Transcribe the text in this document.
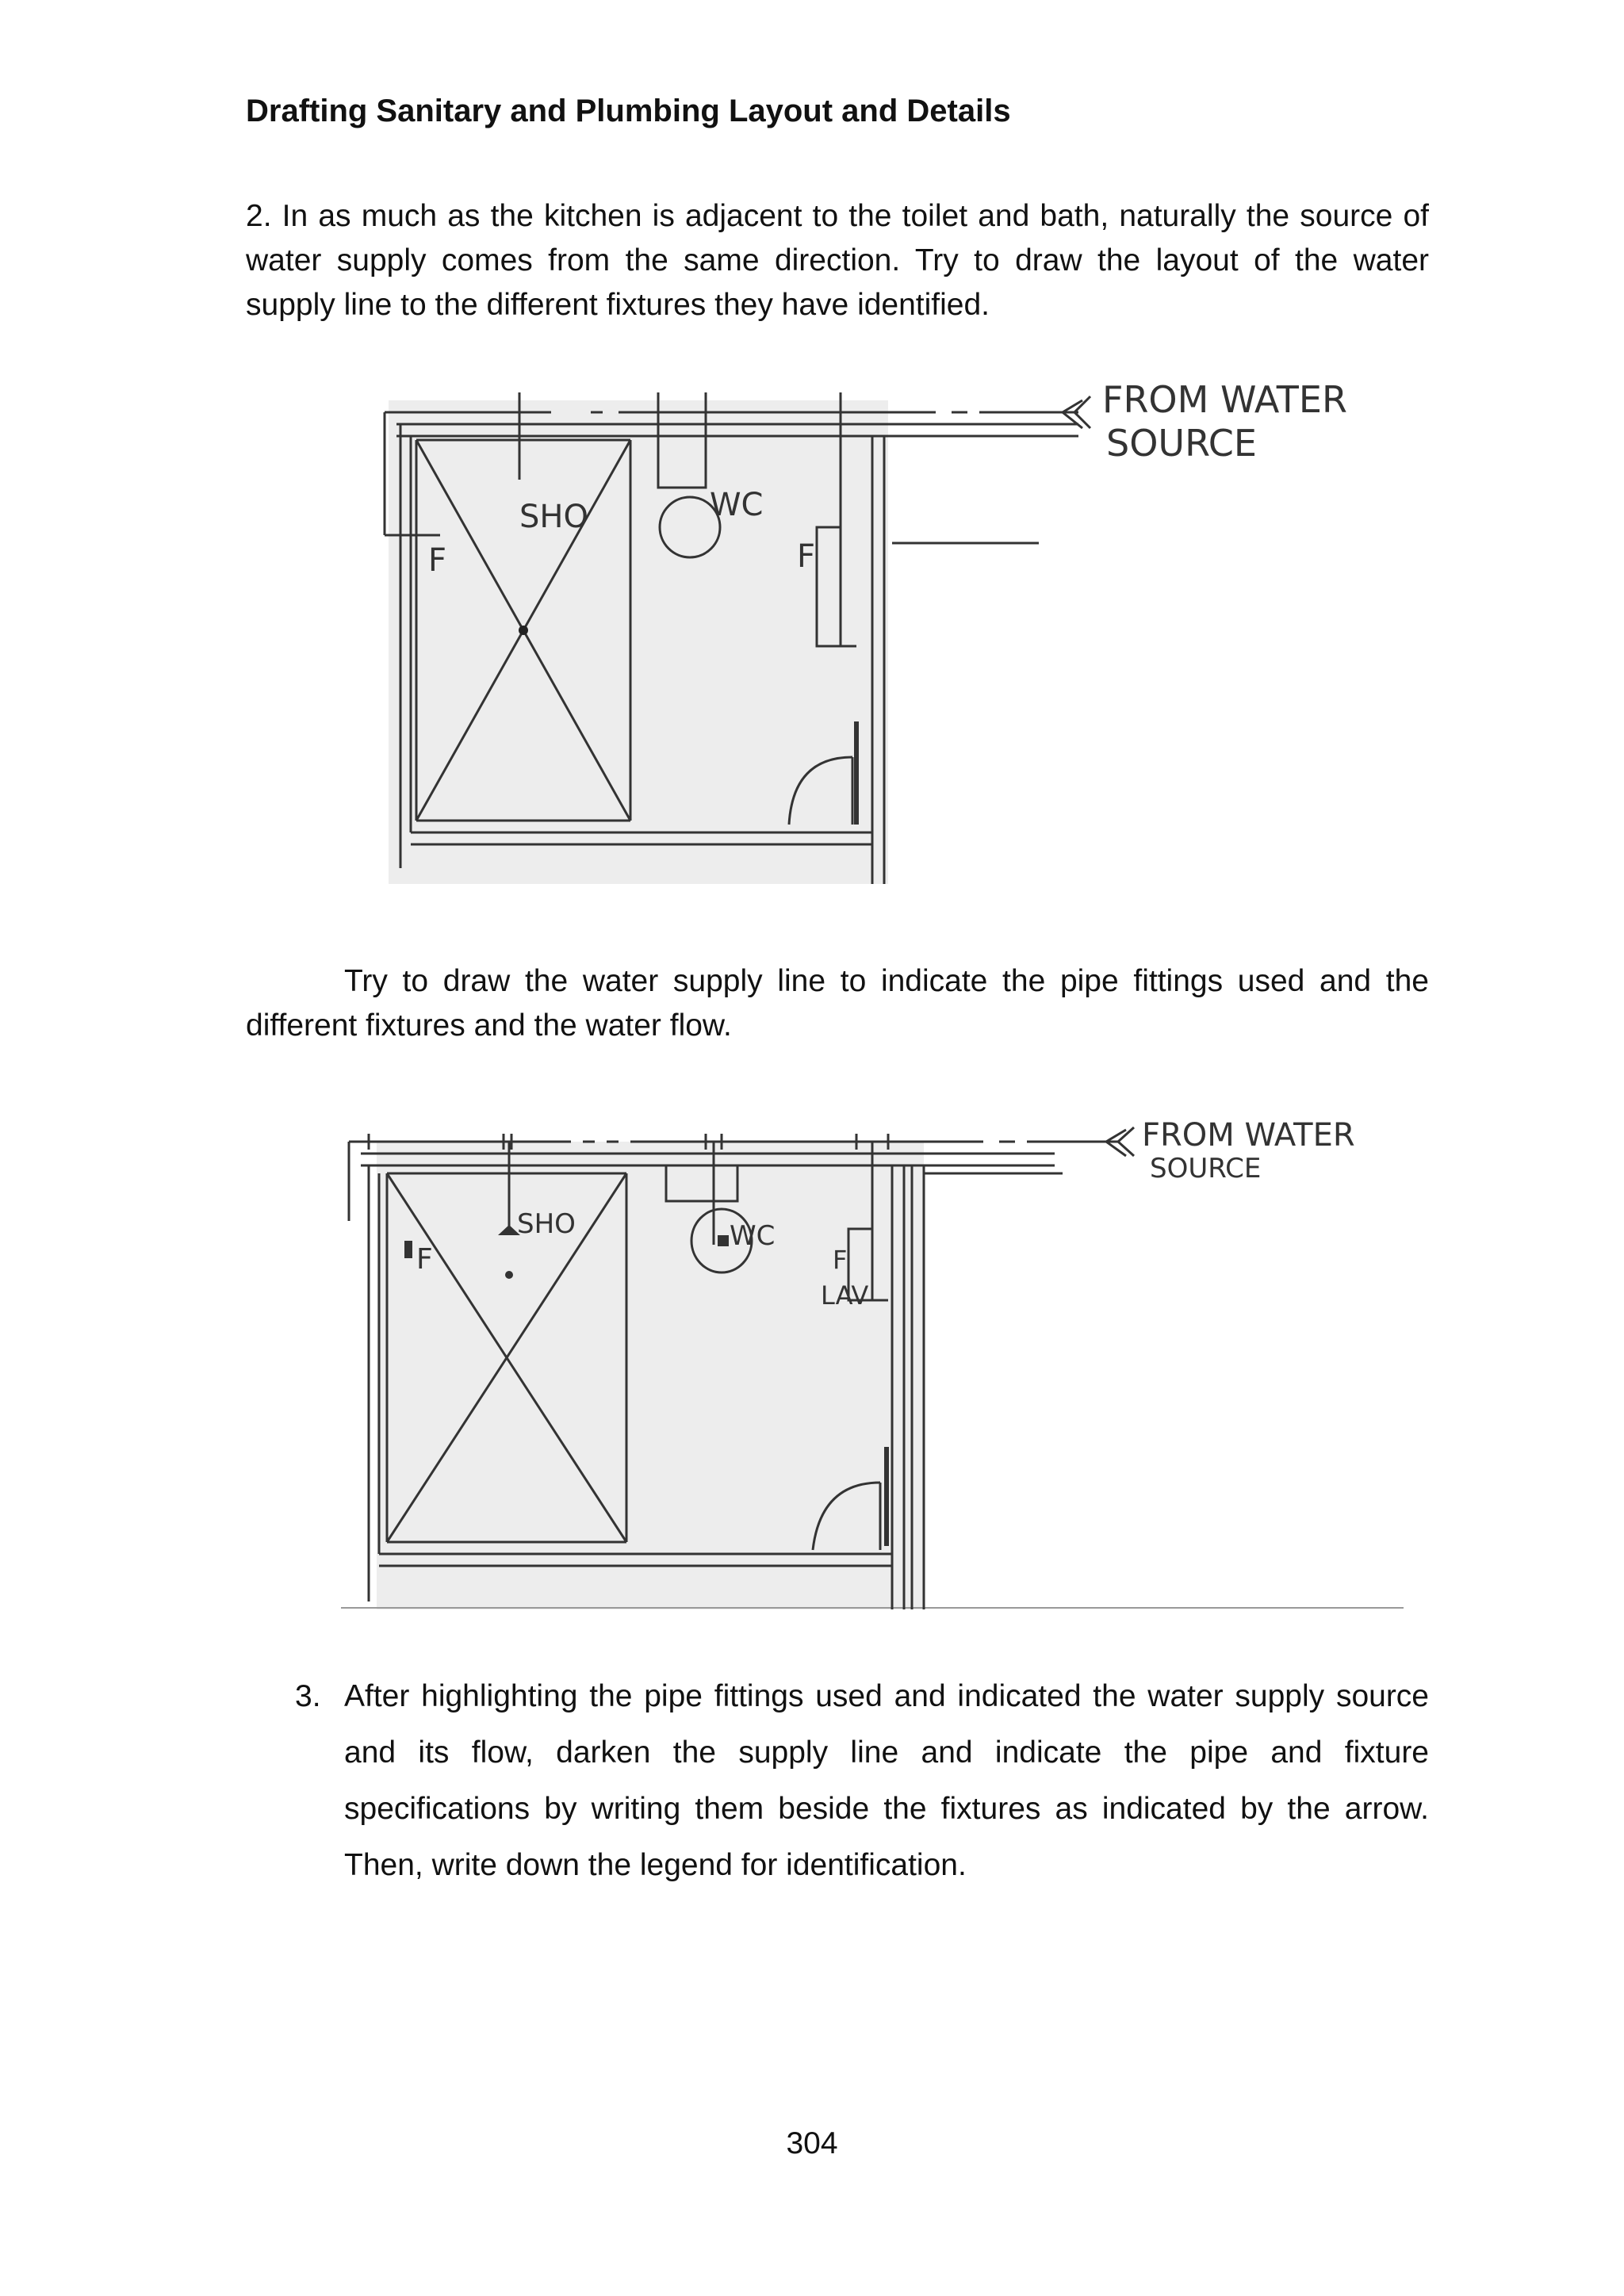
Drafting Sanitary and Plumbing Layout and Details

2. In as much as the kitchen is adjacent to the toilet and bath, naturally the source of water supply comes from the same direction. Try to draw the layout of the water supply line to the different fixtures they have identified.

SHO	WC
F	F
FROM WATER
SOURCE

Try to draw the water supply line to indicate the pipe fittings used and the different fixtures and the water flow.

SHO	WC
F	F
LAV
FROM WATER
SOURCE
3. After highlighting the pipe fittings used and indicated the water supply source and its flow, darken the supply line and indicate the pipe and fixture specifications by writing them beside the fixtures as indicated by the arrow. Then, write down the legend for identification.
304
